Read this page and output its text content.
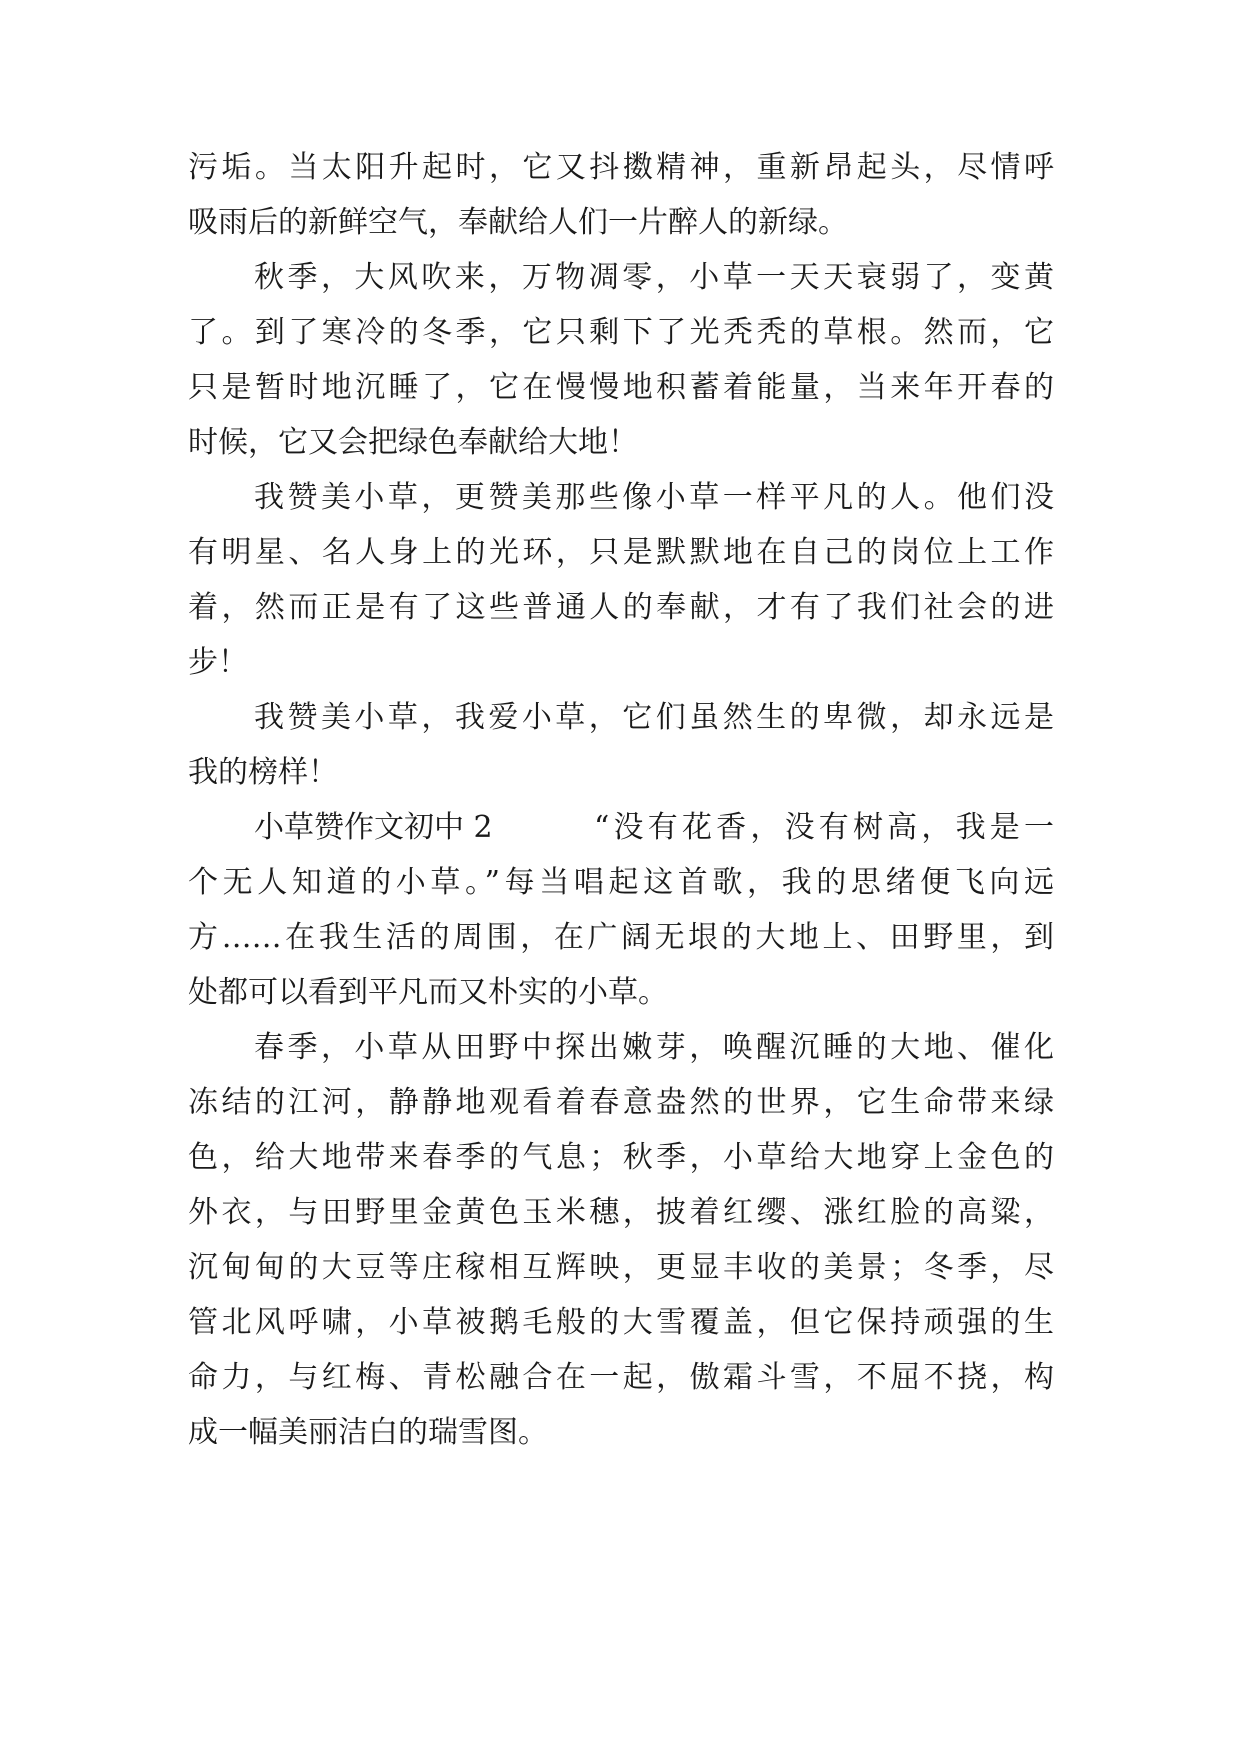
污垢。当太阳升起时，它又抖擞精神，重新昂起头，尽情呼
吸雨后的新鲜空气，奉献给人们一片醉人的新绿。
秋季，大风吹来，万物凋零，小草一天天衰弱了，变黄
了。到了寒冷的冬季，它只剩下了光秃秃的草根。然而，它
只是暂时地沉睡了，它在慢慢地积蓄着能量，当来年开春的
时候，它又会把绿色奉献给大地！
我赞美小草，更赞美那些像小草一样平凡的人。他们没
有明星、名人身上的光环，只是默默地在自己的岗位上工作
着，然而正是有了这些普通人的奉献，才有了我们社会的进
步！
我赞美小草，我爱小草，它们虽然生的卑微，却永远是
我的榜样！
小草赞作文初中 2	“没有花香，没有树高，我是一
个无人知道的小草。”每当唱起这首歌，我的思绪便飞向远
方……在我生活的周围，在广阔无垠的大地上、田野里，到
处都可以看到平凡而又朴实的小草。
春季，小草从田野中探出嫩芽，唤醒沉睡的大地、催化
冻结的江河，静静地观看着春意盎然的世界，它生命带来绿
色，给大地带来春季的气息；秋季，小草给大地穿上金色的
外衣，与田野里金黄色玉米穗，披着红缨、涨红脸的高粱，
沉甸甸的大豆等庄稼相互辉映，更显丰收的美景；冬季，尽
管北风呼啸，小草被鹅毛般的大雪覆盖，但它保持顽强的生
命力，与红梅、青松融合在一起，傲霜斗雪，不屈不挠，构
成一幅美丽洁白的瑞雪图。
